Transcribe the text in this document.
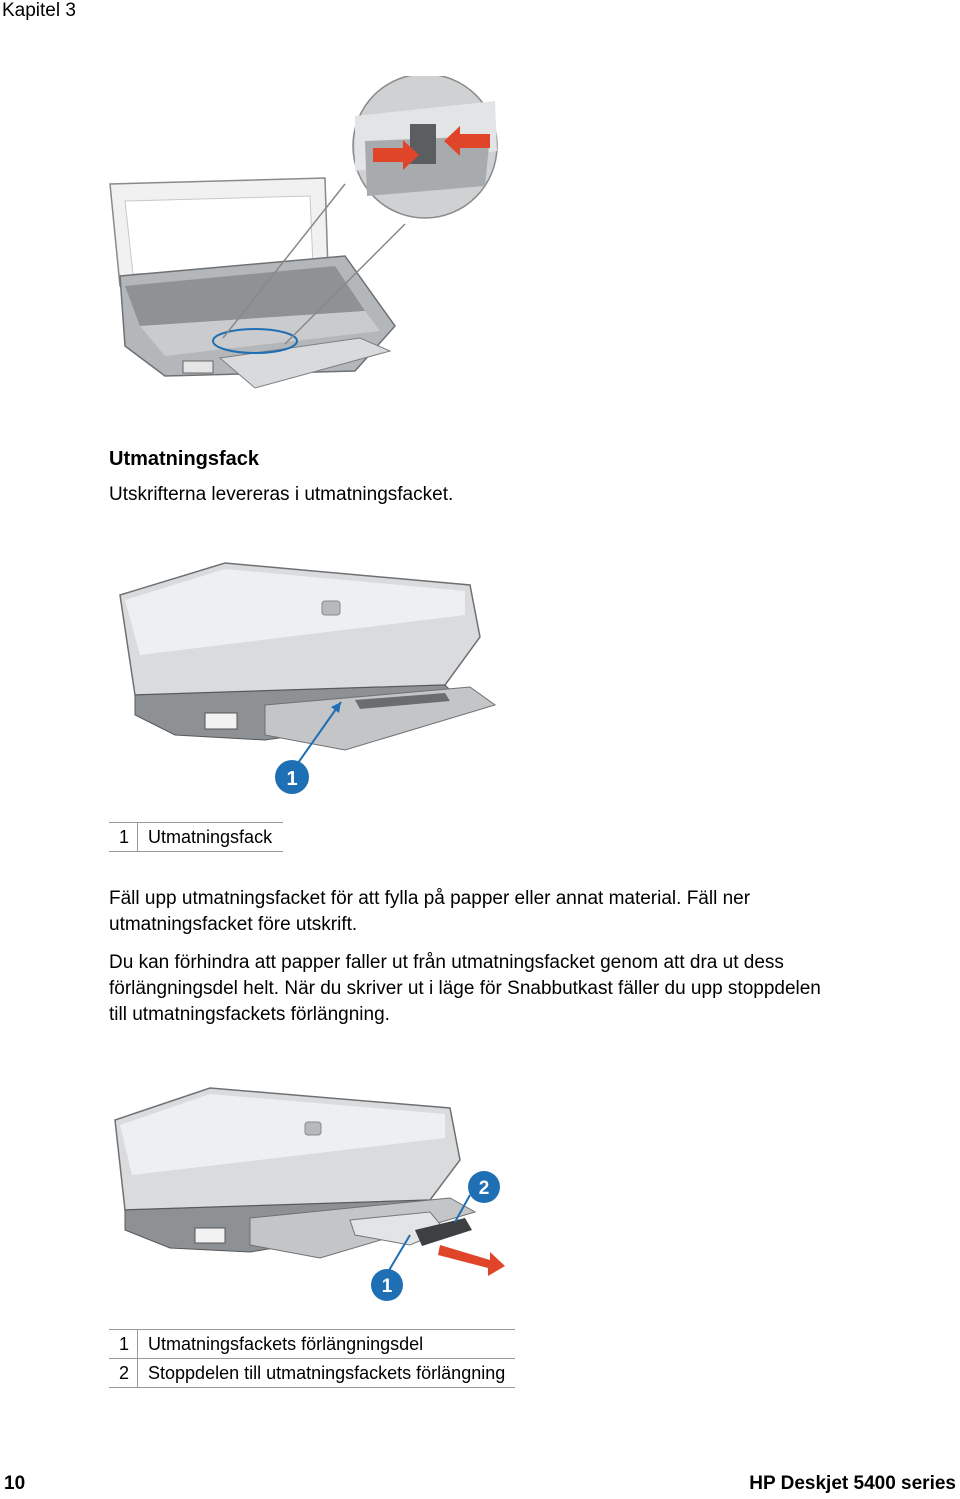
Kapitel 3
Utmatningsfack
Utskrifterna levereras i utmatningsfacket.
1
1	Utmatningsfack
Fäll upp utmatningsfacket för att fylla på papper eller annat material. Fäll ner utmatningsfacket före utskrift.
Du kan förhindra att papper faller ut från utmatningsfacket genom att dra ut dess
förlängningsdel helt. När du skriver ut i läge för Snabbutkast fäller du upp stoppdelen
till utmatningsfackets förlängning.
1
2
1	Utmatningsfackets förlängningsdel
2	Stoppdelen till utmatningsfackets förlängning
10	HP Deskjet 5400 series
